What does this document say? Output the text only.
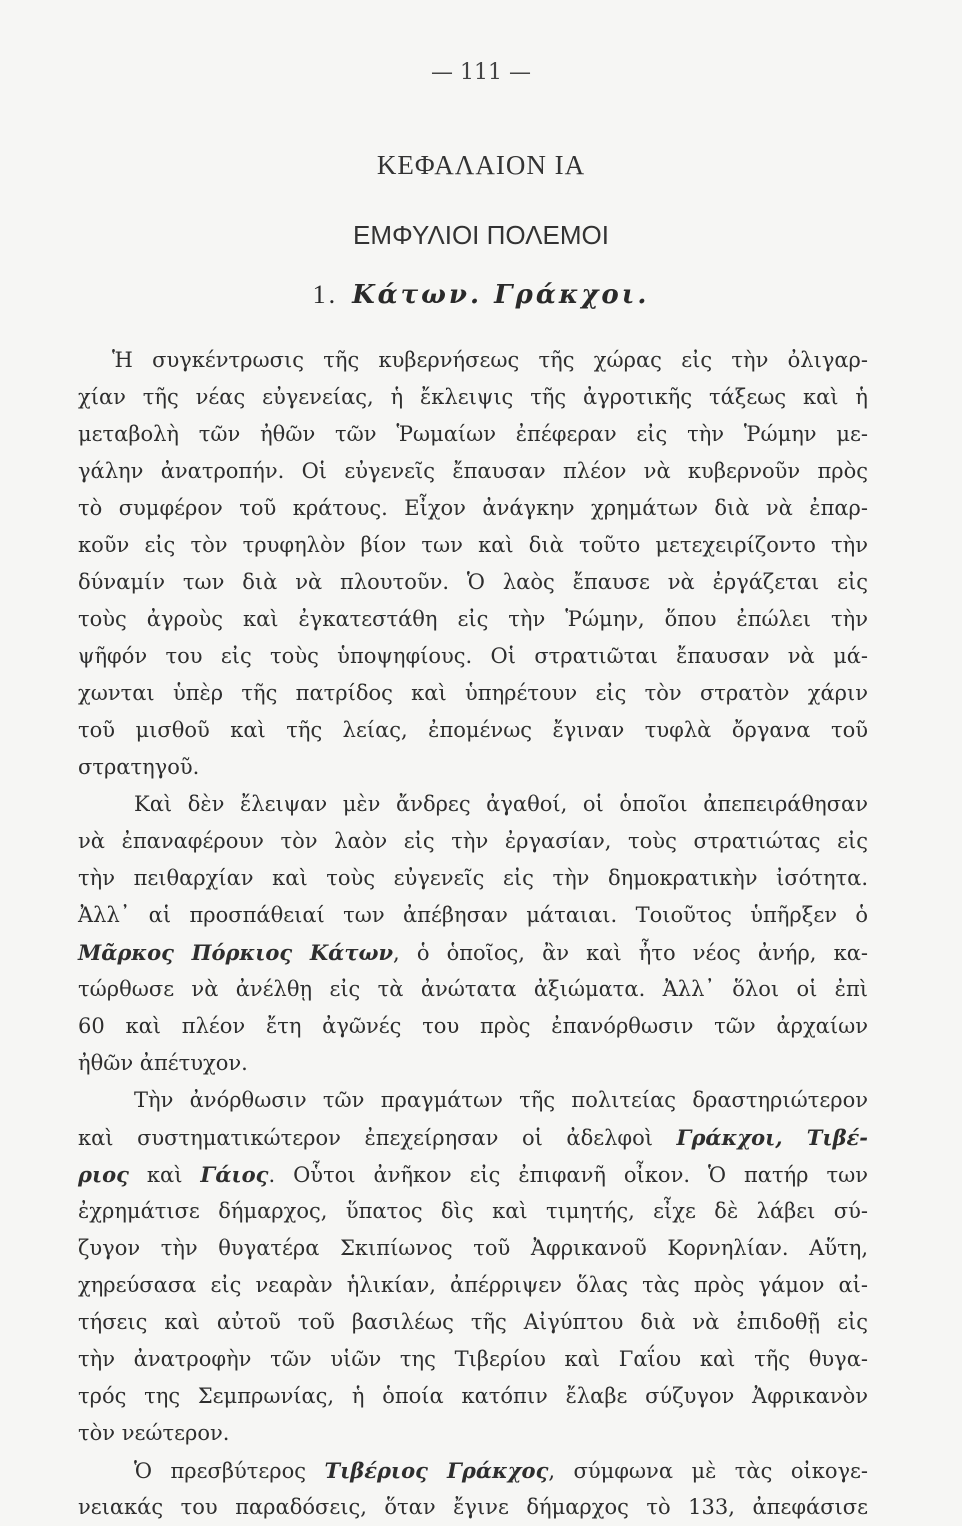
— 111 —
ΚΕΦΑΛΑΙΟΝ ΙΑ
ΕΜΦΥΛΙΟΙ ΠΟΛΕΜΟΙ
1. Κάτων. Γράκχοι.
Ἡ συγκέντρωσις τῆς κυβερνήσεως τῆς χώρας εἰς τὴν ὀλιγαρ-
χίαν τῆς νέας εὐγενείας, ἡ ἔκλειψις τῆς ἀγροτικῆς τάξεως καὶ ἡ
μεταβολὴ τῶν ἠθῶν τῶν Ῥωμαίων ἐπέφεραν εἰς τὴν Ῥώμην με-
γάλην ἀνατροπήν. Οἱ εὐγενεῖς ἔπαυσαν πλέον νὰ κυβερνοῦν πρὸς
τὸ συμφέρον τοῦ κράτους. Εἶχον ἀνάγκην χρημάτων διὰ νὰ ἐπαρ-
κοῦν εἰς τὸν τρυφηλὸν βίον των καὶ διὰ τοῦτο μετεχειρίζοντο τὴν
δύναμίν των διὰ νὰ πλουτοῦν. Ὁ λαὸς ἔπαυσε νὰ ἐργάζεται εἰς
τοὺς ἀγροὺς καὶ ἐγκατεστάθη εἰς τὴν Ῥώμην, ὅπου ἐπώλει τὴν
ψῆφόν του εἰς τοὺς ὑποψηφίους. Οἱ στρατιῶται ἔπαυσαν νὰ μά-
χωνται ὑπὲρ τῆς πατρίδος καὶ ὑπηρέτουν εἰς τὸν στρατὸν χάριν
τοῦ μισθοῦ καὶ τῆς λείας, ἐπομένως ἔγιναν τυφλὰ ὄργανα τοῦ
στρατηγοῦ.
Καὶ δὲν ἔλειψαν μὲν ἄνδρες ἀγαθοί, οἱ ὁποῖοι ἀπεπειράθησαν
νὰ ἐπαναφέρουν τὸν λαὸν εἰς τὴν ἐργασίαν, τοὺς στρατιώτας εἰς
τὴν πειθαρχίαν καὶ τοὺς εὐγενεῖς εἰς τὴν δημοκρατικὴν ἰσότητα.
Ἀλλ᾽ αἱ προσπάθειαί των ἀπέβησαν μάταιαι. Τοιοῦτος ὑπῆρξεν ὁ
Μᾶρκος Πόρκιος Κάτων, ὁ ὁποῖος, ἂν καὶ ἦτο νέος ἀνήρ, κα-
τώρθωσε νὰ ἀνέλθῃ εἰς τὰ ἀνώτατα ἀξιώματα. Ἀλλ᾽ ὅλοι οἱ ἐπὶ
60 καὶ πλέον ἔτη ἀγῶνές του πρὸς ἐπανόρθωσιν τῶν ἀρχαίων
ἠθῶν ἀπέτυχον.
Τὴν ἀνόρθωσιν τῶν πραγμάτων τῆς πολιτείας δραστηριώτερον
καὶ συστηματικώτερον ἐπεχείρησαν οἱ ἀδελφοὶ Γράκχοι, Τιβέ-
ριος καὶ Γάιος. Οὗτοι ἀνῆκον εἰς ἐπιφανῆ οἶκον. Ὁ πατήρ των
ἐχρημάτισε δήμαρχος, ὕπατος δὶς καὶ τιμητής, εἶχε δὲ λάβει σύ-
ζυγον τὴν θυγατέρα Σκιπίωνος τοῦ Ἀφρικανοῦ Κορνηλίαν. Αὕτη,
χηρεύσασα εἰς νεαρὰν ἡλικίαν, ἀπέρριψεν ὅλας τὰς πρὸς γάμον αἰ-
τήσεις καὶ αὐτοῦ τοῦ βασιλέως τῆς Αἰγύπτου διὰ νὰ ἐπιδοθῇ εἰς
τὴν ἀνατροφὴν τῶν υἱῶν της Τιβερίου καὶ Γαΐου καὶ τῆς θυγα-
τρός της Σεμπρωνίας, ἡ ὁποία κατόπιν ἔλαβε σύζυγον Ἀφρικανὸν
τὸν νεώτερον.
Ὁ πρεσβύτερος Τιβέριος Γράκχος, σύμφωνα μὲ τὰς οἰκογε-
νειακάς του παραδόσεις, ὅταν ἔγινε δήμαρχος τὸ 133, ἀπεφάσισε
